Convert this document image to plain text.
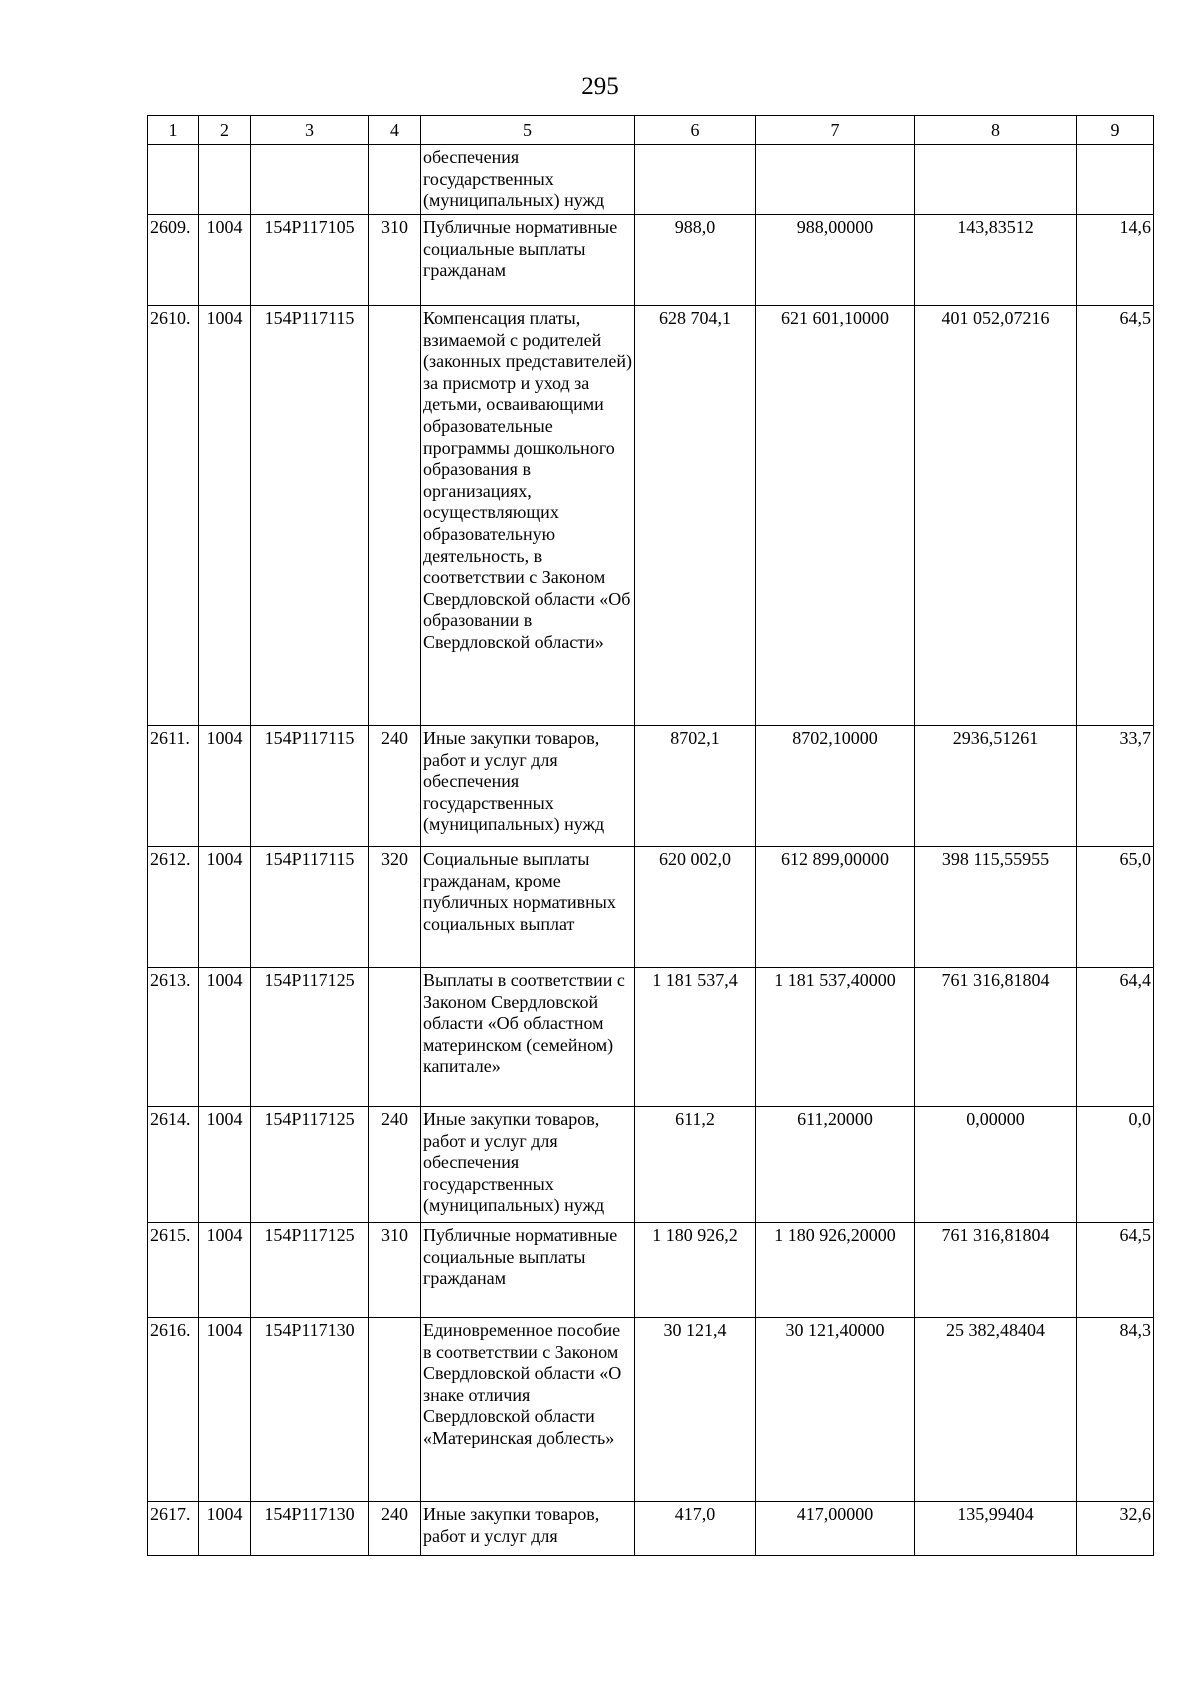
295
1	2	3	4	5	6	7	8	9
				обеспечения государственных (муниципальных) нужд				
2609.	1004	154P117105	310	Публичные нормативные социальные выплаты гражданам	988,0	988,00000	143,83512	14,6
2610.	1004	154P117115		Компенсация платы, взимаемой с родителей (законных представителей) за присмотр и уход за детьми, осваивающими образовательные программы дошкольного образования в организациях, осуществляющих образовательную деятельность, в соответствии с Законом Свердловской области «Об образовании в Свердловской области»	628 704,1	621 601,10000	401 052,07216	64,5
2611.	1004	154P117115	240	Иные закупки товаров, работ и услуг для обеспечения государственных (муниципальных) нужд	8702,1	8702,10000	2936,51261	33,7
2612.	1004	154P117115	320	Социальные выплаты гражданам, кроме публичных нормативных социальных выплат	620 002,0	612 899,00000	398 115,55955	65,0
2613.	1004	154P117125		Выплаты в соответствии с Законом Свердловской области «Об областном материнском (семейном) капитале»	1 181 537,4	1 181 537,40000	761 316,81804	64,4
2614.	1004	154P117125	240	Иные закупки товаров, работ и услуг для обеспечения государственных (муниципальных) нужд	611,2	611,20000	0,00000	0,0
2615.	1004	154P117125	310	Публичные нормативные социальные выплаты гражданам	1 180 926,2	1 180 926,20000	761 316,81804	64,5
2616.	1004	154P117130		Единовременное пособие в соответствии с Законом Свердловской области «О знаке отличия Свердловской области «Материнская доблесть»	30 121,4	30 121,40000	25 382,48404	84,3
2617.	1004	154P117130	240	Иные закупки товаров, работ и услуг для	417,0	417,00000	135,99404	32,6
